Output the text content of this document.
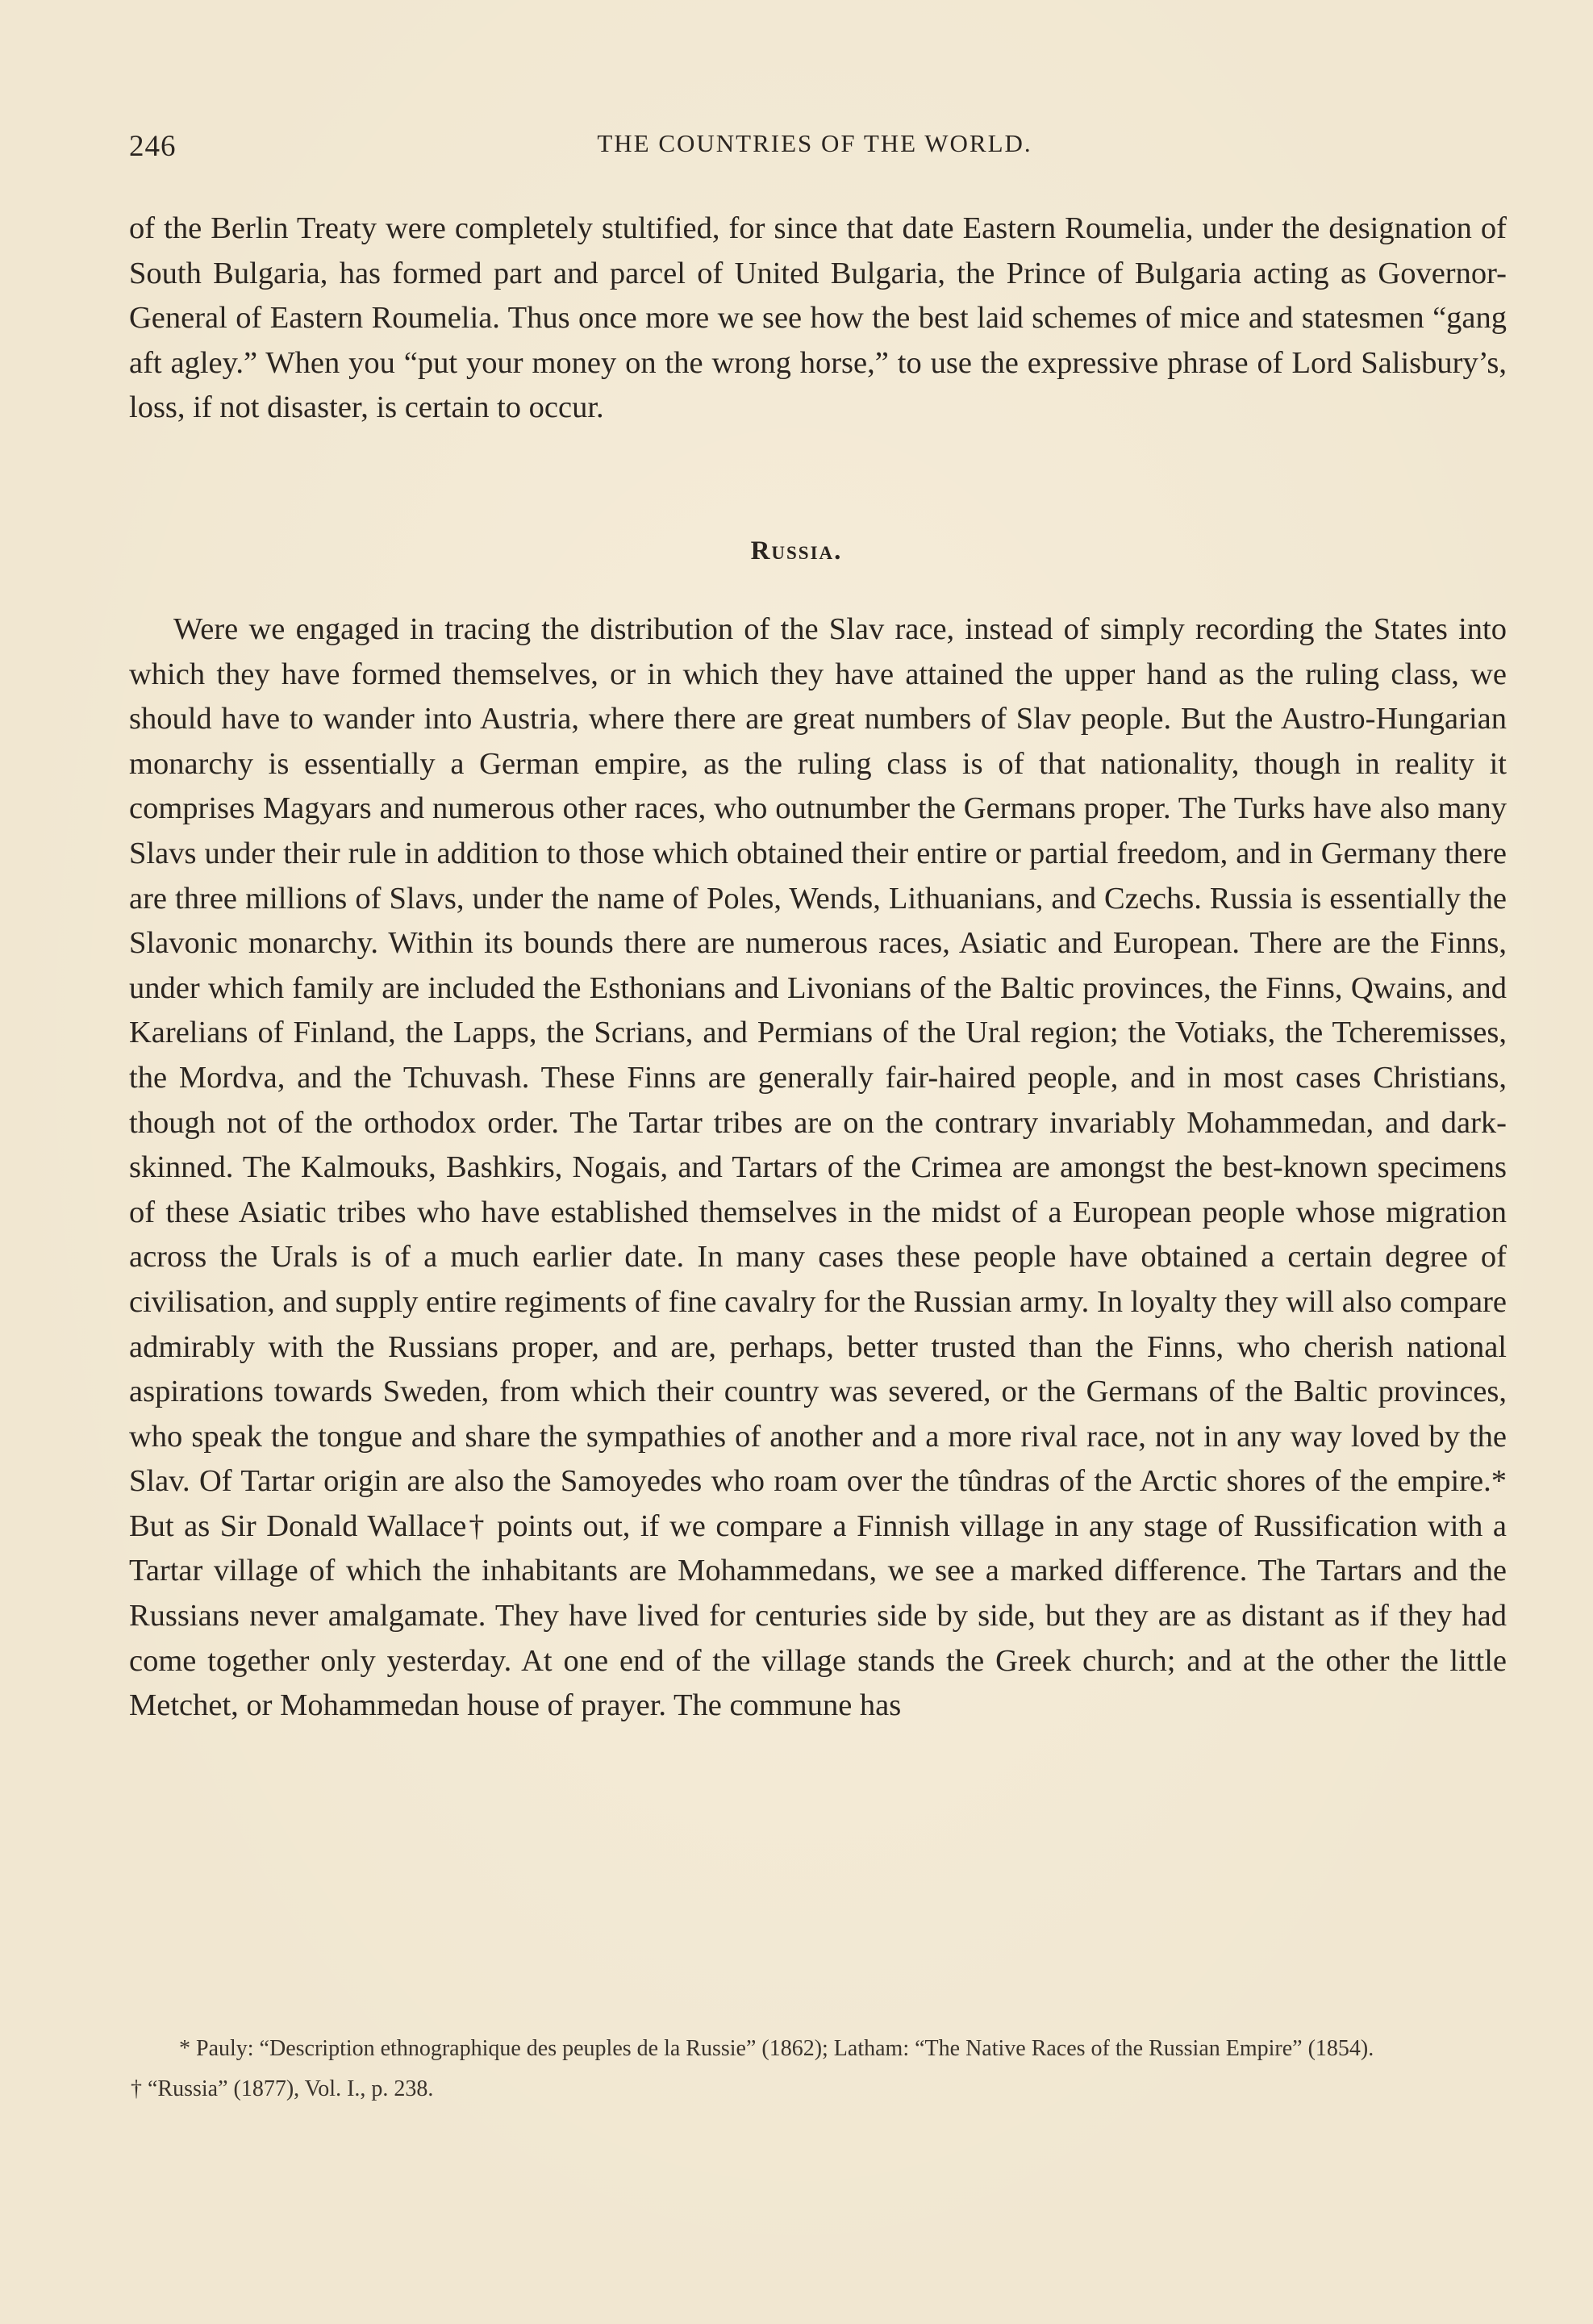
246	THE COUNTRIES OF THE WORLD.

of the Berlin Treaty were completely stultified, for since that date Eastern Roumelia, under the designation of South Bulgaria, has formed part and parcel of United Bulgaria, the Prince of Bulgaria acting as Governor-General of Eastern Roumelia. Thus once more we see how the best laid schemes of mice and statesmen “gang aft agley.” When you “put your money on the wrong horse,” to use the expressive phrase of Lord Salisbury’s, loss, if not disaster, is certain to occur.

Russia.

Were we engaged in tracing the distribution of the Slav race, instead of simply recording the States into which they have formed themselves, or in which they have attained the upper hand as the ruling class, we should have to wander into Austria, where there are great numbers of Slav people. But the Austro-Hungarian monarchy is essentially a German empire, as the ruling class is of that nationality, though in reality it comprises Magyars and numerous other races, who outnumber the Germans proper. The Turks have also many Slavs under their rule in addition to those which obtained their entire or partial freedom, and in Germany there are three millions of Slavs, under the name of Poles, Wends, Lithuanians, and Czechs. Russia is essentially the Slavonic monarchy. Within its bounds there are numerous races, Asiatic and European. There are the Finns, under which family are included the Esthonians and Livonians of the Baltic provinces, the Finns, Qwains, and Karelians of Finland, the Lapps, the Scrians, and Permians of the Ural region; the Votiaks, the Tcheremisses, the Mordva, and the Tchuvash. These Finns are generally fair-haired people, and in most cases Christians, though not of the orthodox order. The Tartar tribes are on the contrary invariably Mohammedan, and dark-skinned. The Kalmouks, Bashkirs, Nogais, and Tartars of the Crimea are amongst the best-known specimens of these Asiatic tribes who have established themselves in the midst of a European people whose migration across the Urals is of a much earlier date. In many cases these people have obtained a certain degree of civilisation, and supply entire regiments of fine cavalry for the Russian army. In loyalty they will also compare admirably with the Russians proper, and are, perhaps, better trusted than the Finns, who cherish national aspirations towards Sweden, from which their country was severed, or the Germans of the Baltic provinces, who speak the tongue and share the sympathies of another and a more rival race, not in any way loved by the Slav. Of Tartar origin are also the Samoyedes who roam over the tûndras of the Arctic shores of the empire.* But as Sir Donald Wallace† points out, if we compare a Finnish village in any stage of Russification with a Tartar village of which the inhabitants are Mohammedans, we see a marked difference. The Tartars and the Russians never amalgamate. They have lived for centuries side by side, but they are as distant as if they had come together only yesterday. At one end of the village stands the Greek church; and at the other the little Metchet, or Mohammedan house of prayer. The commune has

* Pauly: “Description ethnographique des peuples de la Russie” (1862); Latham: “The Native Races of the Russian Empire” (1854).

† “Russia” (1877), Vol. I., p. 238.
